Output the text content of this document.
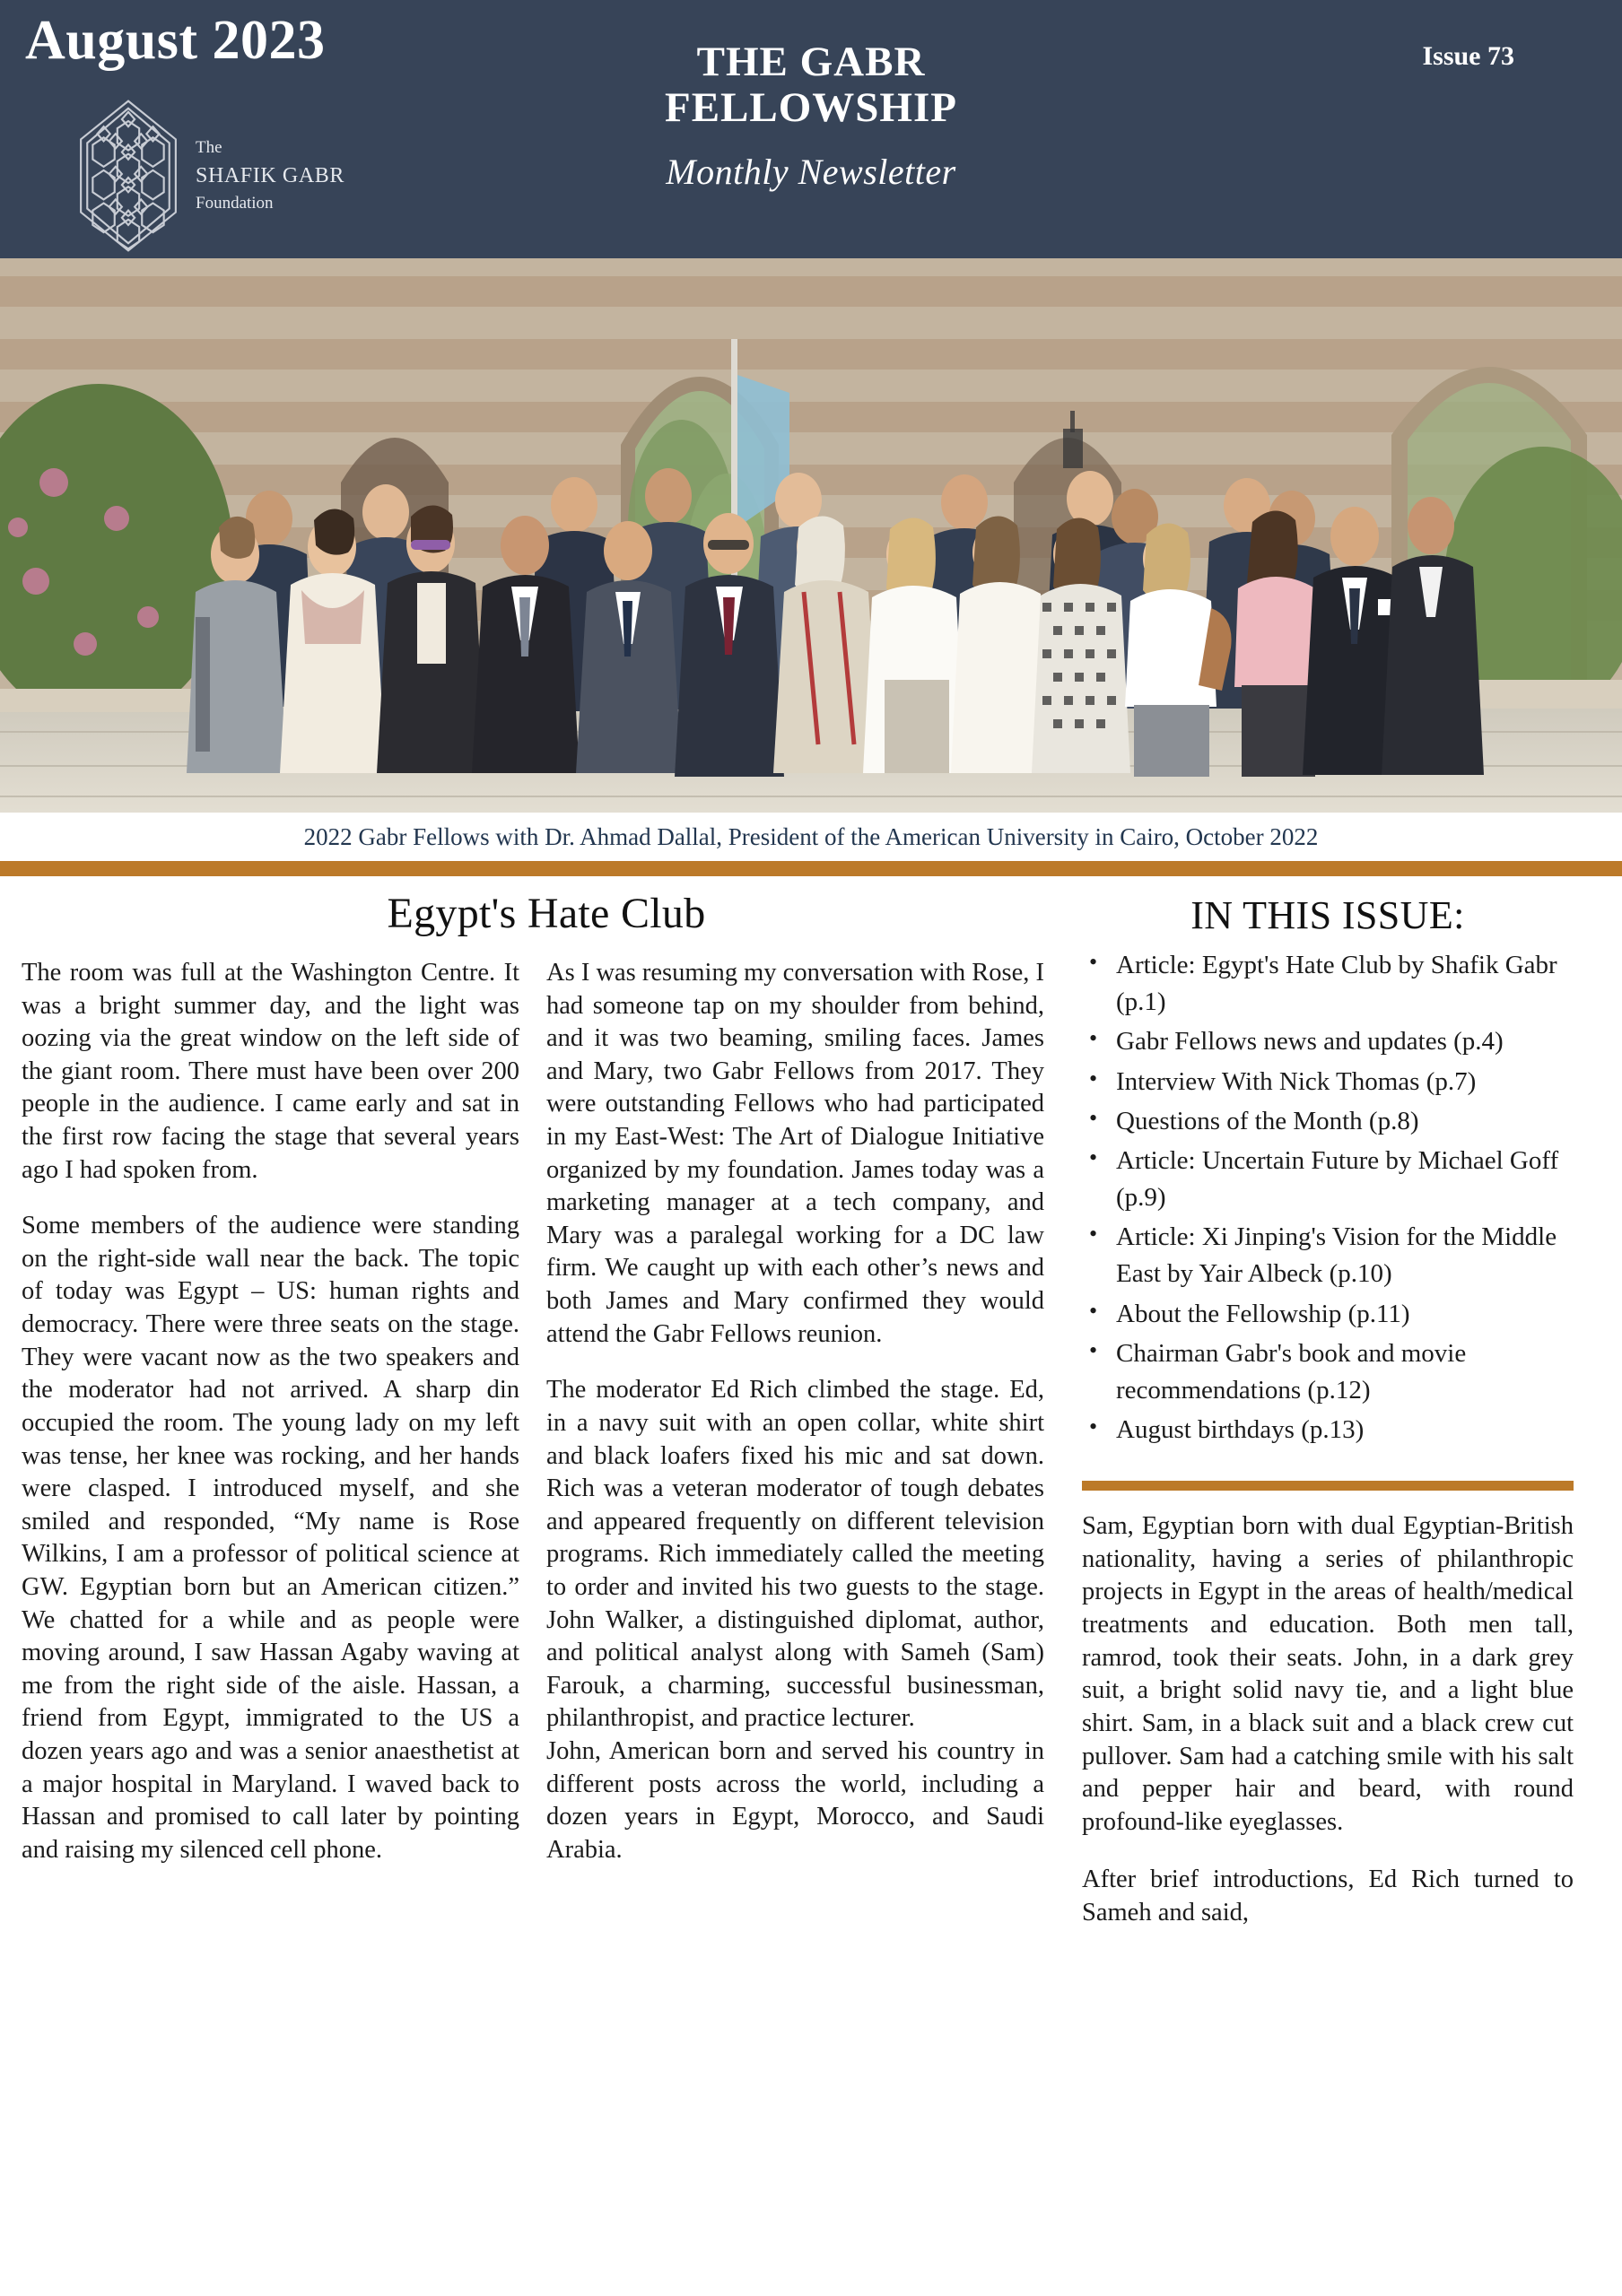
August 2023	Issue 73
THE GABR
FELLOWSHIP
Monthly Newsletter
The
SHAFIK GABR
Foundation
2022 Gabr Fellows with Dr. Ahmad Dallal, President of the American University in Cairo, October 2022
Egypt's Hate Club

The room was full at the Washington Centre. It was a bright summer day, and the light was oozing via the great window on the left side of the giant room. There must have been over 200 people in the audience. I came early and sat in the first row facing the stage that several years ago I had spoken from.

Some members of the audience were standing on the right-side wall near the back. The topic of today was Egypt – US: human rights and democracy. There were three seats on the stage. They were vacant now as the two speakers and the moderator had not arrived. A sharp din occupied the room. The young lady on my left was tense, her knee was rocking, and her hands were clasped. I introduced myself, and she smiled and responded, “My name is Rose Wilkins, I am a professor of political science at GW. Egyptian born but an American citizen.” We chatted for a while and as people were moving around, I saw Hassan Agaby waving at me from the right side of the aisle. Hassan, a friend from Egypt, immigrated to the US a dozen years ago and was a senior anaesthetist at a major hospital in Maryland. I waved back to Hassan and promised to call later by pointing and raising my silenced cell phone.

As I was resuming my conversation with Rose, I had someone tap on my shoulder from behind, and it was two beaming, smiling faces. James and Mary, two Gabr Fellows from 2017. They were outstanding Fellows who had participated in my East-West: The Art of Dialogue Initiative organized by my foundation. James today was a marketing manager at a tech company, and Mary was a paralegal working for a DC law firm. We caught up with each other’s news and both James and Mary confirmed they would attend the Gabr Fellows reunion.

The moderator Ed Rich climbed the stage. Ed, in a navy suit with an open collar, white shirt and black loafers fixed his mic and sat down. Rich was a veteran moderator of tough debates and appeared frequently on different television programs. Rich immediately called the meeting to order and invited his two guests to the stage. John Walker, a distinguished diplomat, author, and political analyst along with Sameh (Sam) Farouk, a charming, successful businessman, philanthropist, and practice lecturer.

John, American born and served his country in different posts across the world, including a dozen years in Egypt, Morocco, and Saudi Arabia.

IN THIS ISSUE:
• Article: Egypt's Hate Club by Shafik Gabr (p.1)
• Gabr Fellows news and updates (p.4)
• Interview With Nick Thomas (p.7)
• Questions of the Month (p.8)
• Article: Uncertain Future by Michael Goff (p.9)
• Article: Xi Jinping's Vision for the Middle East by Yair Albeck (p.10)
• About the Fellowship (p.11)
• Chairman Gabr's book and movie recommendations (p.12)
• August birthdays (p.13)

Sam, Egyptian born with dual Egyptian-British nationality, having a series of philanthropic projects in Egypt in the areas of health/medical treatments and education. Both men tall, ramrod, took their seats. John, in a dark grey suit, a bright solid navy tie, and a light blue shirt. Sam, in a black suit and a black crew cut pullover. Sam had a catching smile with his salt and pepper hair and beard, with round profound-like eyeglasses.

After brief introductions, Ed Rich turned to Sameh and said,
